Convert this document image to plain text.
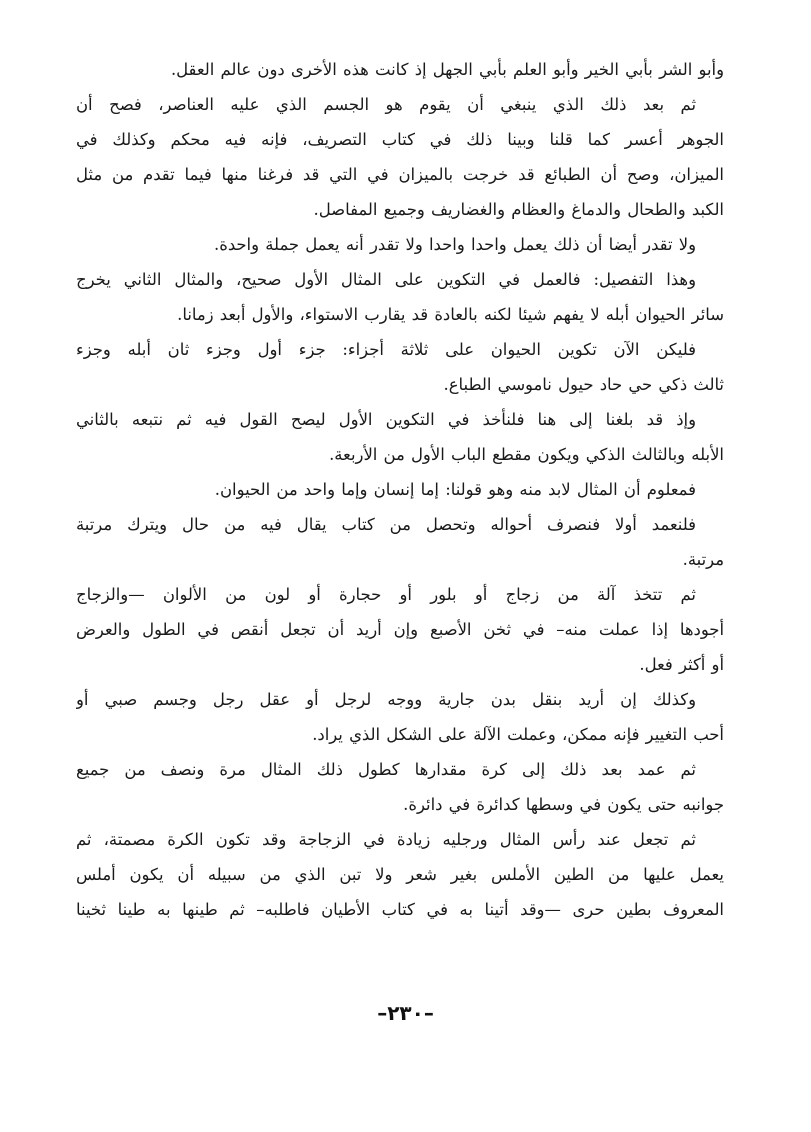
وأبو الشر بأبي الخير وأبو العلم بأبي الجهل إذ كانت هذه الأخرى دون عالم العقل.
ثم بعد ذلك الذي ينبغي أن يقوم هو الجسم الذي عليه العناصر، فصح أن
الجوهر أعسر كما قلنا وبينا ذلك في كتاب التصريف، فإنه فيه محكم وكذلك في
الميزان، وصح أن الطبائع قد خرجت بالميزان في التي قد فرغنا منها فيما تقدم من مثل
الكبد والطحال والدماغ والعظام والغضاريف وجميع المفاصل.
ولا تقدر أيضا أن ذلك يعمل واحدا واحدا ولا تقدر أنه يعمل جملة واحدة.
وهذا التفصيل: فالعمل في التكوين على المثال الأول صحيح، والمثال الثاني يخرج
سائر الحيوان أبله لا يفهم شيئا لكنه بالعادة قد يقارب الاستواء، والأول أبعد زمانا.
فليكن الآن تكوين الحيوان على ثلاثة أجزاء: جزء أول وجزء ثان أبله وجزء
ثالث ذكي حي حاد حيول ناموسي الطباع.
وإذ قد بلغنا إلى هنا فلنأخذ في التكوين الأول ليصح القول فيه ثم نتبعه بالثاني
الأبله وبالثالث الذكي ويكون مقطع الباب الأول من الأربعة.
فمعلوم أن المثال لابد منه وهو قولنا: إما إنسان وإما واحد من الحيوان.
فلنعمد أولا فنصرف أحواله وتحصل من كتاب يقال فيه من حال ويترك مرتبة
مرتبة.
ثم تتخذ آلة من زجاج أو بلور أو حجارة أو لون من الألوان —والزجاج
أجودها إذا عملت منه– في ثخن الأصبع وإن أريد أن تجعل أنقص في الطول والعرض
أو أكثر فعل.
وكذلك إن أريد بنقل بدن جارية ووجه لرجل أو عقل رجل وجسم صبي أو
أحب التغيير فإنه ممكن، وعملت الآلة على الشكل الذي يراد.
ثم عمد بعد ذلك إلى كرة مقدارها كطول ذلك المثال مرة ونصف من جميع
جوانبه حتى يكون في وسطها كدائرة في دائرة.
ثم تجعل عند رأس المثال ورجليه زيادة في الزجاجة وقد تكون الكرة مصمتة، ثم
يعمل عليها من الطين الأملس بغير شعر ولا تبن الذي من سبيله أن يكون أملس
المعروف بطين حرى —وقد أتينا به في كتاب الأطيان فاطلبه– ثم طينها به طينا ثخينا
–٢٣٠–
